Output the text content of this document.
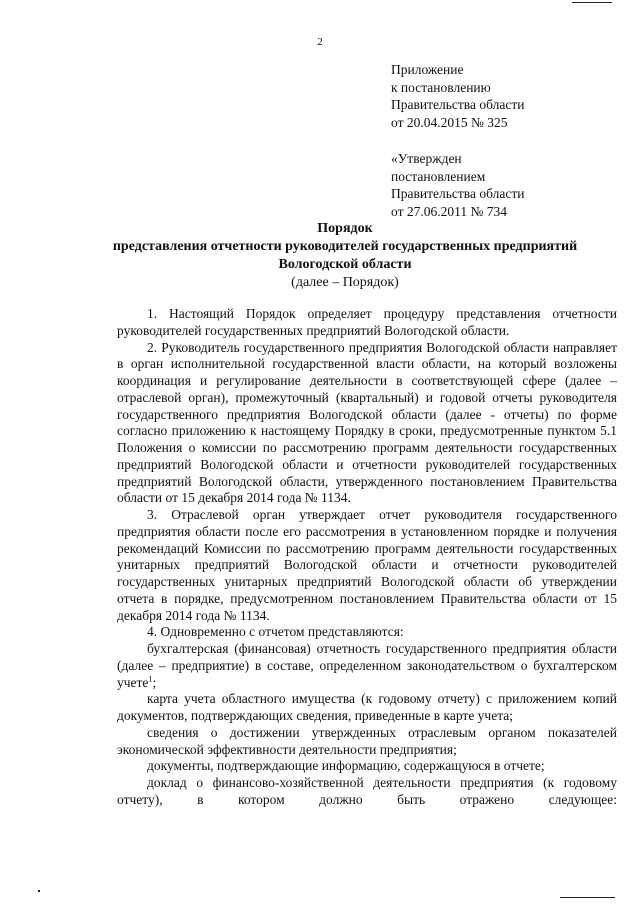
2
Приложение
к постановлению
Правительства области
от 20.04.2015 № 325
«Утвержден
постановлением
Правительства области
от 27.06.2011 № 734
Порядок
представления отчетности руководителей государственных предприятий
Вологодской области
(далее – Порядок)

1. Настоящий Порядок определяет процедуру представления отчетности руководителей государственных предприятий Вологодской области.

2. Руководитель государственного предприятия Вологодской области направляет в орган исполнительной государственной власти области, на который возложены координация и регулирование деятельности в соответствующей сфере (далее – отраслевой орган), промежуточный (квартальный) и годовой отчеты руководителя государственного предприятия Вологодской области (далее - отчеты) по форме согласно приложению к настоящему Порядку в сроки, предусмотренные пунктом 5.1 Положения о комиссии по рассмотрению программ деятельности государственных предприятий Вологодской области и отчетности руководителей государственных предприятий Вологодской области, утвержденного постановлением Правительства области от 15 декабря 2014 года № 1134.

3. Отраслевой орган утверждает отчет руководителя государственного предприятия области после его рассмотрения в установленном порядке и получения рекомендаций Комиссии по рассмотрению программ деятельности государственных унитарных предприятий Вологодской области и отчетности руководителей государственных унитарных предприятий Вологодской области об утверждении отчета в порядке, предусмотренном постановлением Правительства области от 15 декабря 2014 года № 1134.

4. Одновременно с отчетом представляются:

бухгалтерская (финансовая) отчетность государственного предприятия области (далее – предприятие) в составе, определенном законодательством о бухгалтерском учете$^1$;

карта учета областного имущества (к годовому отчету) с приложением копий документов, подтверждающих сведения, приведенные в карте учета;

сведения о достижении утвержденных отраслевым органом показателей экономической эффективности деятельности предприятия;

документы, подтверждающие информацию, содержащуюся в отчете;

доклад о финансово-хозяйственной деятельности предприятия (к годовому отчету), в котором должно быть отражено следующее:
